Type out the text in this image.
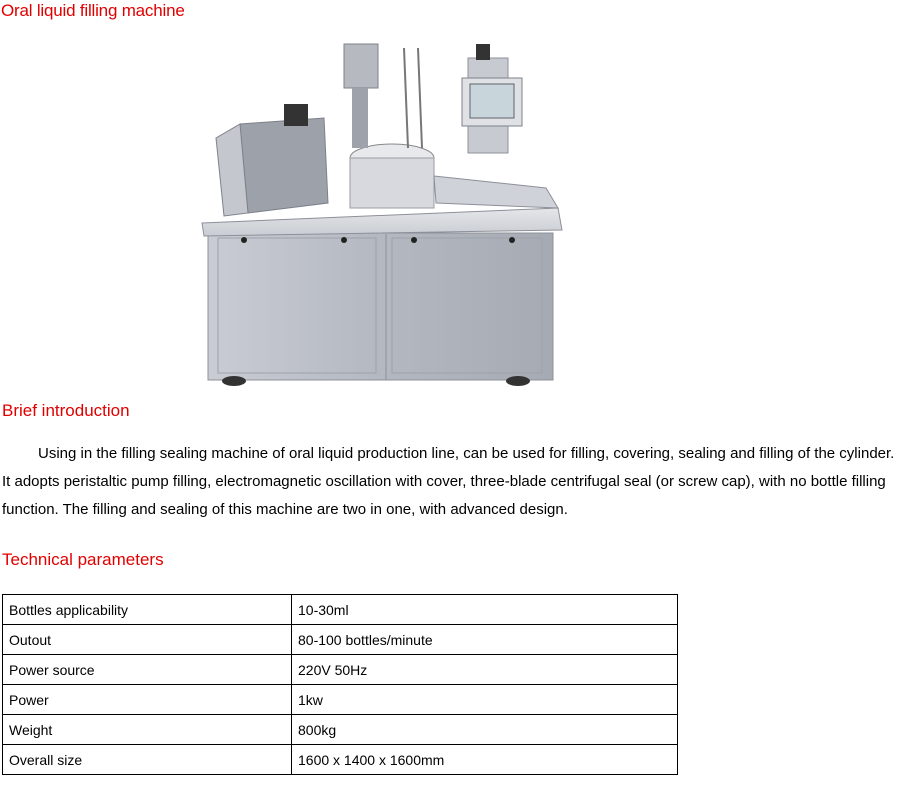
Oral liquid filling machine
Brief introduction
Using in the filling sealing machine of oral liquid production line, can be used for filling, covering, sealing and filling of the cylinder. It adopts peristaltic pump filling, electromagnetic oscillation with cover, three-blade centrifugal seal (or screw cap), with no bottle filling function. The filling and sealing of this machine are two in one, with advanced design.
Technical parameters
Bottles applicability	10-30ml
Outout	80-100 bottles/minute
Power source	220V 50Hz
Power	1kw
Weight	800kg
Overall size	1600 x 1400 x 1600mm
